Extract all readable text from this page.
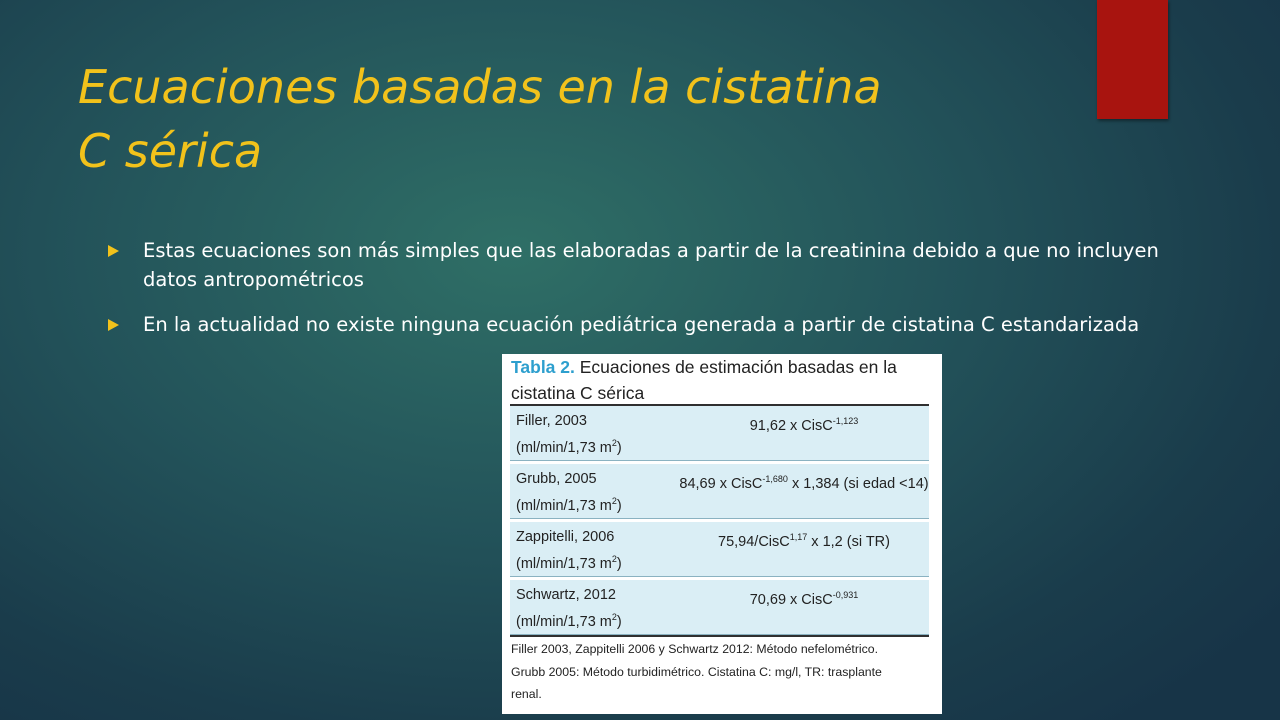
Ecuaciones basadas en la cistatina
C sérica
Estas ecuaciones son más simples que las elaboradas a partir de la creatinina debido a que no incluyen datos antropométricos
En la actualidad no existe ninguna ecuación pediátrica generada a partir de cistatina C estandarizada
Tabla 2. Ecuaciones de estimación basadas en la
cistatina C sérica
Filler, 2003
(ml/min/1,73 $m^2$)
91,62 x CisC$^{-1,123}$
Grubb, 2005
(ml/min/1,73 $m^2$)
84,69 x CisC$^{-1,680}$ x 1,384 (si edad <14)
Zappitelli, 2006
(ml/min/1,73 $m^2$)
75,94/CisC$^{1,17}$ x 1,2 (si TR)
Schwartz, 2012
(ml/min/1,73 $m^2$)
70,69 x CisC$^{-0,931}$
Filler 2003, Zappitelli 2006 y Schwartz 2012: Método nefelométrico.
Grubb 2005: Método turbidimétrico. Cistatina C: mg/l, TR: trasplante
renal.
